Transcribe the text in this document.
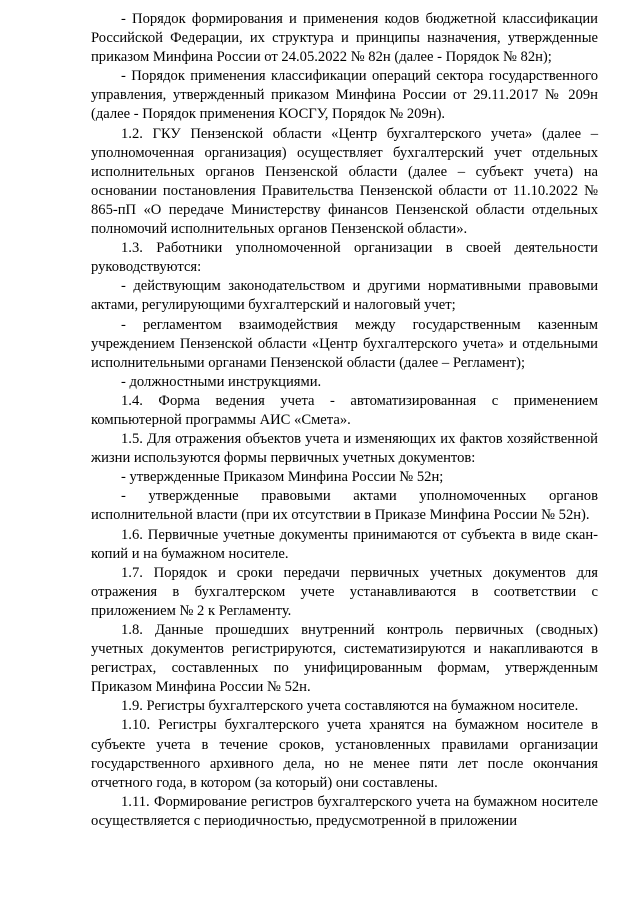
- Порядок формирования и применения кодов бюджетной классификации Российской Федерации, их структура и принципы назначения, утвержденные приказом Минфина России от 24.05.2022 № 82н (далее - Порядок № 82н);

- Порядок применения классификации операций сектора государственного управления, утвержденный приказом Минфина России от 29.11.2017 № 209н (далее - Порядок применения КОСГУ, Порядок № 209н).

1.2. ГКУ Пензенской области «Центр бухгалтерского учета» (далее – уполномоченная организация) осуществляет бухгалтерский учет отдельных исполнительных органов Пензенской области (далее – субъект учета) на основании постановления Правительства Пензенской области от 11.10.2022 № 865-пП «О передаче Министерству финансов Пензенской области отдельных полномочий исполнительных органов Пензенской области».

1.3. Работники уполномоченной организации в своей деятельности руководствуются:

- действующим законодательством и другими нормативными правовыми актами, регулирующими бухгалтерский и налоговый учет;

- регламентом взаимодействия между государственным казенным учреждением Пензенской области «Центр бухгалтерского учета» и отдельными исполнительными органами Пензенской области (далее – Регламент);

- должностными инструкциями.

1.4. Форма ведения учета - автоматизированная с применением компьютерной программы АИС «Смета».

1.5. Для отражения объектов учета и изменяющих их фактов хозяйственной жизни используются формы первичных учетных документов:

- утвержденные Приказом Минфина России № 52н;

- утвержденные правовыми актами уполномоченных органов исполнительной власти (при их отсутствии в Приказе Минфина России № 52н).

1.6. Первичные учетные документы принимаются от субъекта в виде скан-копий и на бумажном носителе.

1.7. Порядок и сроки передачи первичных учетных документов для отражения в бухгалтерском учете устанавливаются в соответствии с приложением № 2 к Регламенту.

1.8. Данные прошедших внутренний контроль первичных (сводных) учетных документов регистрируются, систематизируются и накапливаются в регистрах, составленных по унифицированным формам, утвержденным Приказом Минфина России № 52н.

1.9. Регистры бухгалтерского учета составляются на бумажном носителе.

1.10. Регистры бухгалтерского учета хранятся на бумажном носителе в субъекте учета в течение сроков, установленных правилами организации государственного архивного дела, но не менее пяти лет после окончания отчетного года, в котором (за который) они составлены.

1.11. Формирование регистров бухгалтерского учета на бумажном носителе осуществляется с периодичностью, предусмотренной в приложении
